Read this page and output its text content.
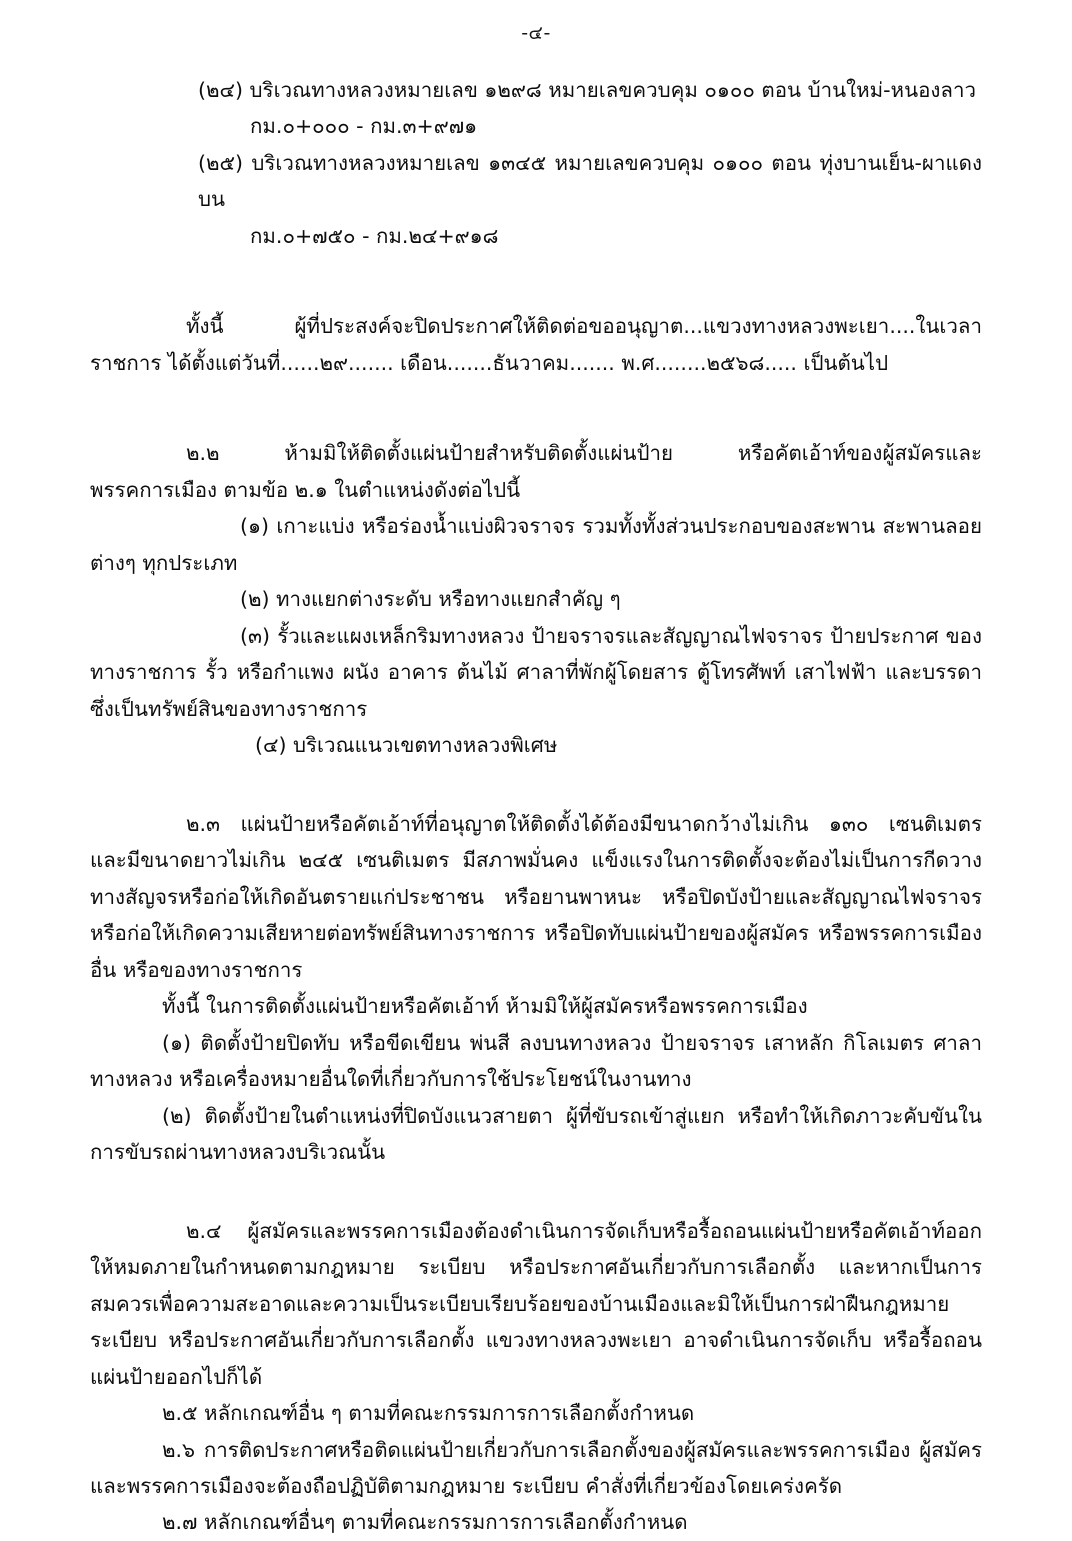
-๔-

(๒๔) บริเวณทางหลวงหมายเลข ๑๒๙๘ หมายเลขควบคุม ๐๑๐๐ ตอน บ้านใหม่-หนองลาว

กม.๐+๐๐๐ - กม.๓+๙๗๑

(๒๕) บริเวณทางหลวงหมายเลข ๑๓๔๕ หมายเลขควบคุม ๐๑๐๐ ตอน ทุ่งบานเย็น-ผาแดงบน

กม.๐+๗๕๐ - กม.๒๔+๙๑๘

ทั้งนี้ ผู้ที่ประสงค์จะปิดประกาศให้ติดต่อขออนุญาต...แขวงทางหลวงพะเยา....ในเวลาราชการ ได้ตั้งแต่วันที่......๒๙....... เดือน.......ธันวาคม....... พ.ศ........๒๕๖๘..... เป็นต้นไป

๒.๒ ห้ามมิให้ติดตั้งแผ่นป้ายสำหรับติดตั้งแผ่นป้าย หรือคัตเอ้าท์ของผู้สมัครและพรรคการเมือง ตามข้อ ๒.๑ ในตำแหน่งดังต่อไปนี้

(๑) เกาะแบ่ง หรือร่องน้ำแบ่งผิวจราจร รวมทั้งทั้งส่วนประกอบของสะพาน สะพานลอยต่างๆ ทุกประเภท

(๒) ทางแยกต่างระดับ หรือทางแยกสำคัญ ๆ

(๓) รั้วและแผงเหล็กริมทางหลวง ป้ายจราจรและสัญญาณไฟจราจร ป้ายประกาศ ของทางราชการ รั้ว หรือกำแพง ผนัง อาคาร ต้นไม้ ศาลาที่พักผู้โดยสาร ตู้โทรศัพท์ เสาไฟฟ้า และบรรดาซึ่งเป็นทรัพย์สินของทางราชการ

(๔) บริเวณแนวเขตทางหลวงพิเศษ

๒.๓ แผ่นป้ายหรือคัตเอ้าท์ที่อนุญาตให้ติดตั้งได้ต้องมีขนาดกว้างไม่เกิน ๑๓๐ เซนติเมตร และมีขนาดยาวไม่เกิน ๒๔๕ เซนติเมตร มีสภาพมั่นคง แข็งแรงในการติดตั้งจะต้องไม่เป็นการกีดวางทางสัญจรหรือก่อให้เกิดอันตรายแก่ประชาชน หรือยานพาหนะ หรือปิดบังป้ายและสัญญาณไฟจราจรหรือก่อให้เกิดความเสียหายต่อทรัพย์สินทางราชการ หรือปิดทับแผ่นป้ายของผู้สมัคร หรือพรรคการเมืองอื่น หรือของทางราชการ

ทั้งนี้ ในการติดตั้งแผ่นป้ายหรือคัตเอ้าท์ ห้ามมิให้ผู้สมัครหรือพรรคการเมือง

(๑) ติดตั้งป้ายปิดทับ หรือขีดเขียน พ่นสี ลงบนทางหลวง ป้ายจราจร เสาหลัก กิโลเมตร ศาลาทางหลวง หรือเครื่องหมายอื่นใดที่เกี่ยวกับการใช้ประโยชน์ในงานทาง

(๒) ติดตั้งป้ายในตำแหน่งที่ปิดบังแนวสายตา ผู้ที่ขับรถเข้าสู่แยก หรือทำให้เกิดภาวะคับขันในการขับรถผ่านทางหลวงบริเวณนั้น

๒.๔ ผู้สมัครและพรรคการเมืองต้องดำเนินการจัดเก็บหรือรื้อถอนแผ่นป้ายหรือคัตเอ้าท์ออกให้หมดภายในกำหนดตามกฎหมาย ระเบียบ หรือประกาศอันเกี่ยวกับการเลือกตั้ง และหากเป็นการสมควรเพื่อความสะอาดและความเป็นระเบียบเรียบร้อยของบ้านเมืองและมิให้เป็นการฝ่าฝืนกฎหมาย ระเบียบ หรือประกาศอันเกี่ยวกับการเลือกตั้ง แขวงทางหลวงพะเยา อาจดำเนินการจัดเก็บ หรือรื้อถอนแผ่นป้ายออกไปก็ได้

๒.๕ หลักเกณฑ์อื่น ๆ ตามที่คณะกรรมการการเลือกตั้งกำหนด

๒.๖ การติดประกาศหรือติดแผ่นป้ายเกี่ยวกับการเลือกตั้งของผู้สมัครและพรรคการเมือง ผู้สมัครและพรรคการเมืองจะต้องถือปฏิบัติตามกฎหมาย ระเบียบ คำสั่งที่เกี่ยวข้องโดยเคร่งครัด

๒.๗ หลักเกณฑ์อื่นๆ ตามที่คณะกรรมการการเลือกตั้งกำหนด
